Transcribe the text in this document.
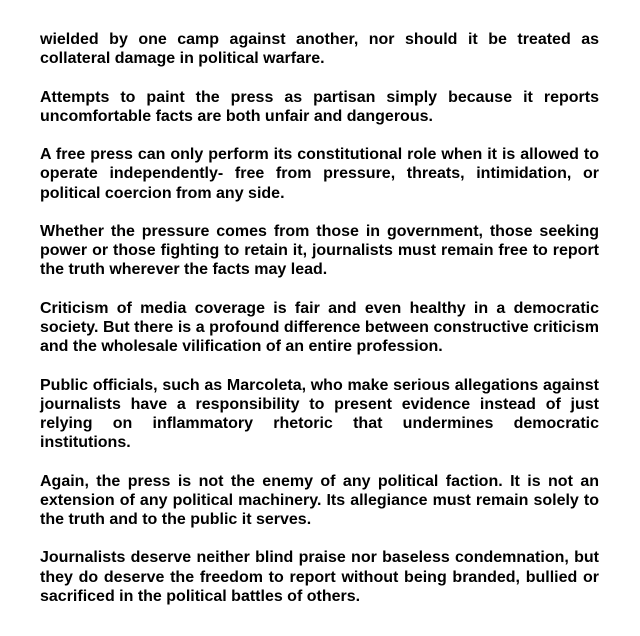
wielded by one camp against another, nor should it be treated as collateral damage in political warfare.

Attempts to paint the press as partisan simply because it reports uncomfortable facts are both unfair and dangerous.

A free press can only perform its constitutional role when it is allowed to operate independently- free from pressure, threats, intimidation, or political coercion from any side.

Whether the pressure comes from those in government, those seeking power or those fighting to retain it, journalists must remain free to report the truth wherever the facts may lead.

Criticism of media coverage is fair and even healthy in a democratic society. But there is a profound difference between constructive criticism and the wholesale vilification of an entire profession.

Public officials, such as Marcoleta, who make serious allegations against journalists have a responsibility to present evidence instead of just relying on inflammatory rhetoric that undermines democratic institutions.

Again, the press is not the enemy of any political faction. It is not an extension of any political machinery. Its allegiance must remain solely to the truth and to the public it serves.

Journalists deserve neither blind praise nor baseless condemnation, but they do deserve the freedom to report without being branded, bullied or sacrificed in the political battles of others.
